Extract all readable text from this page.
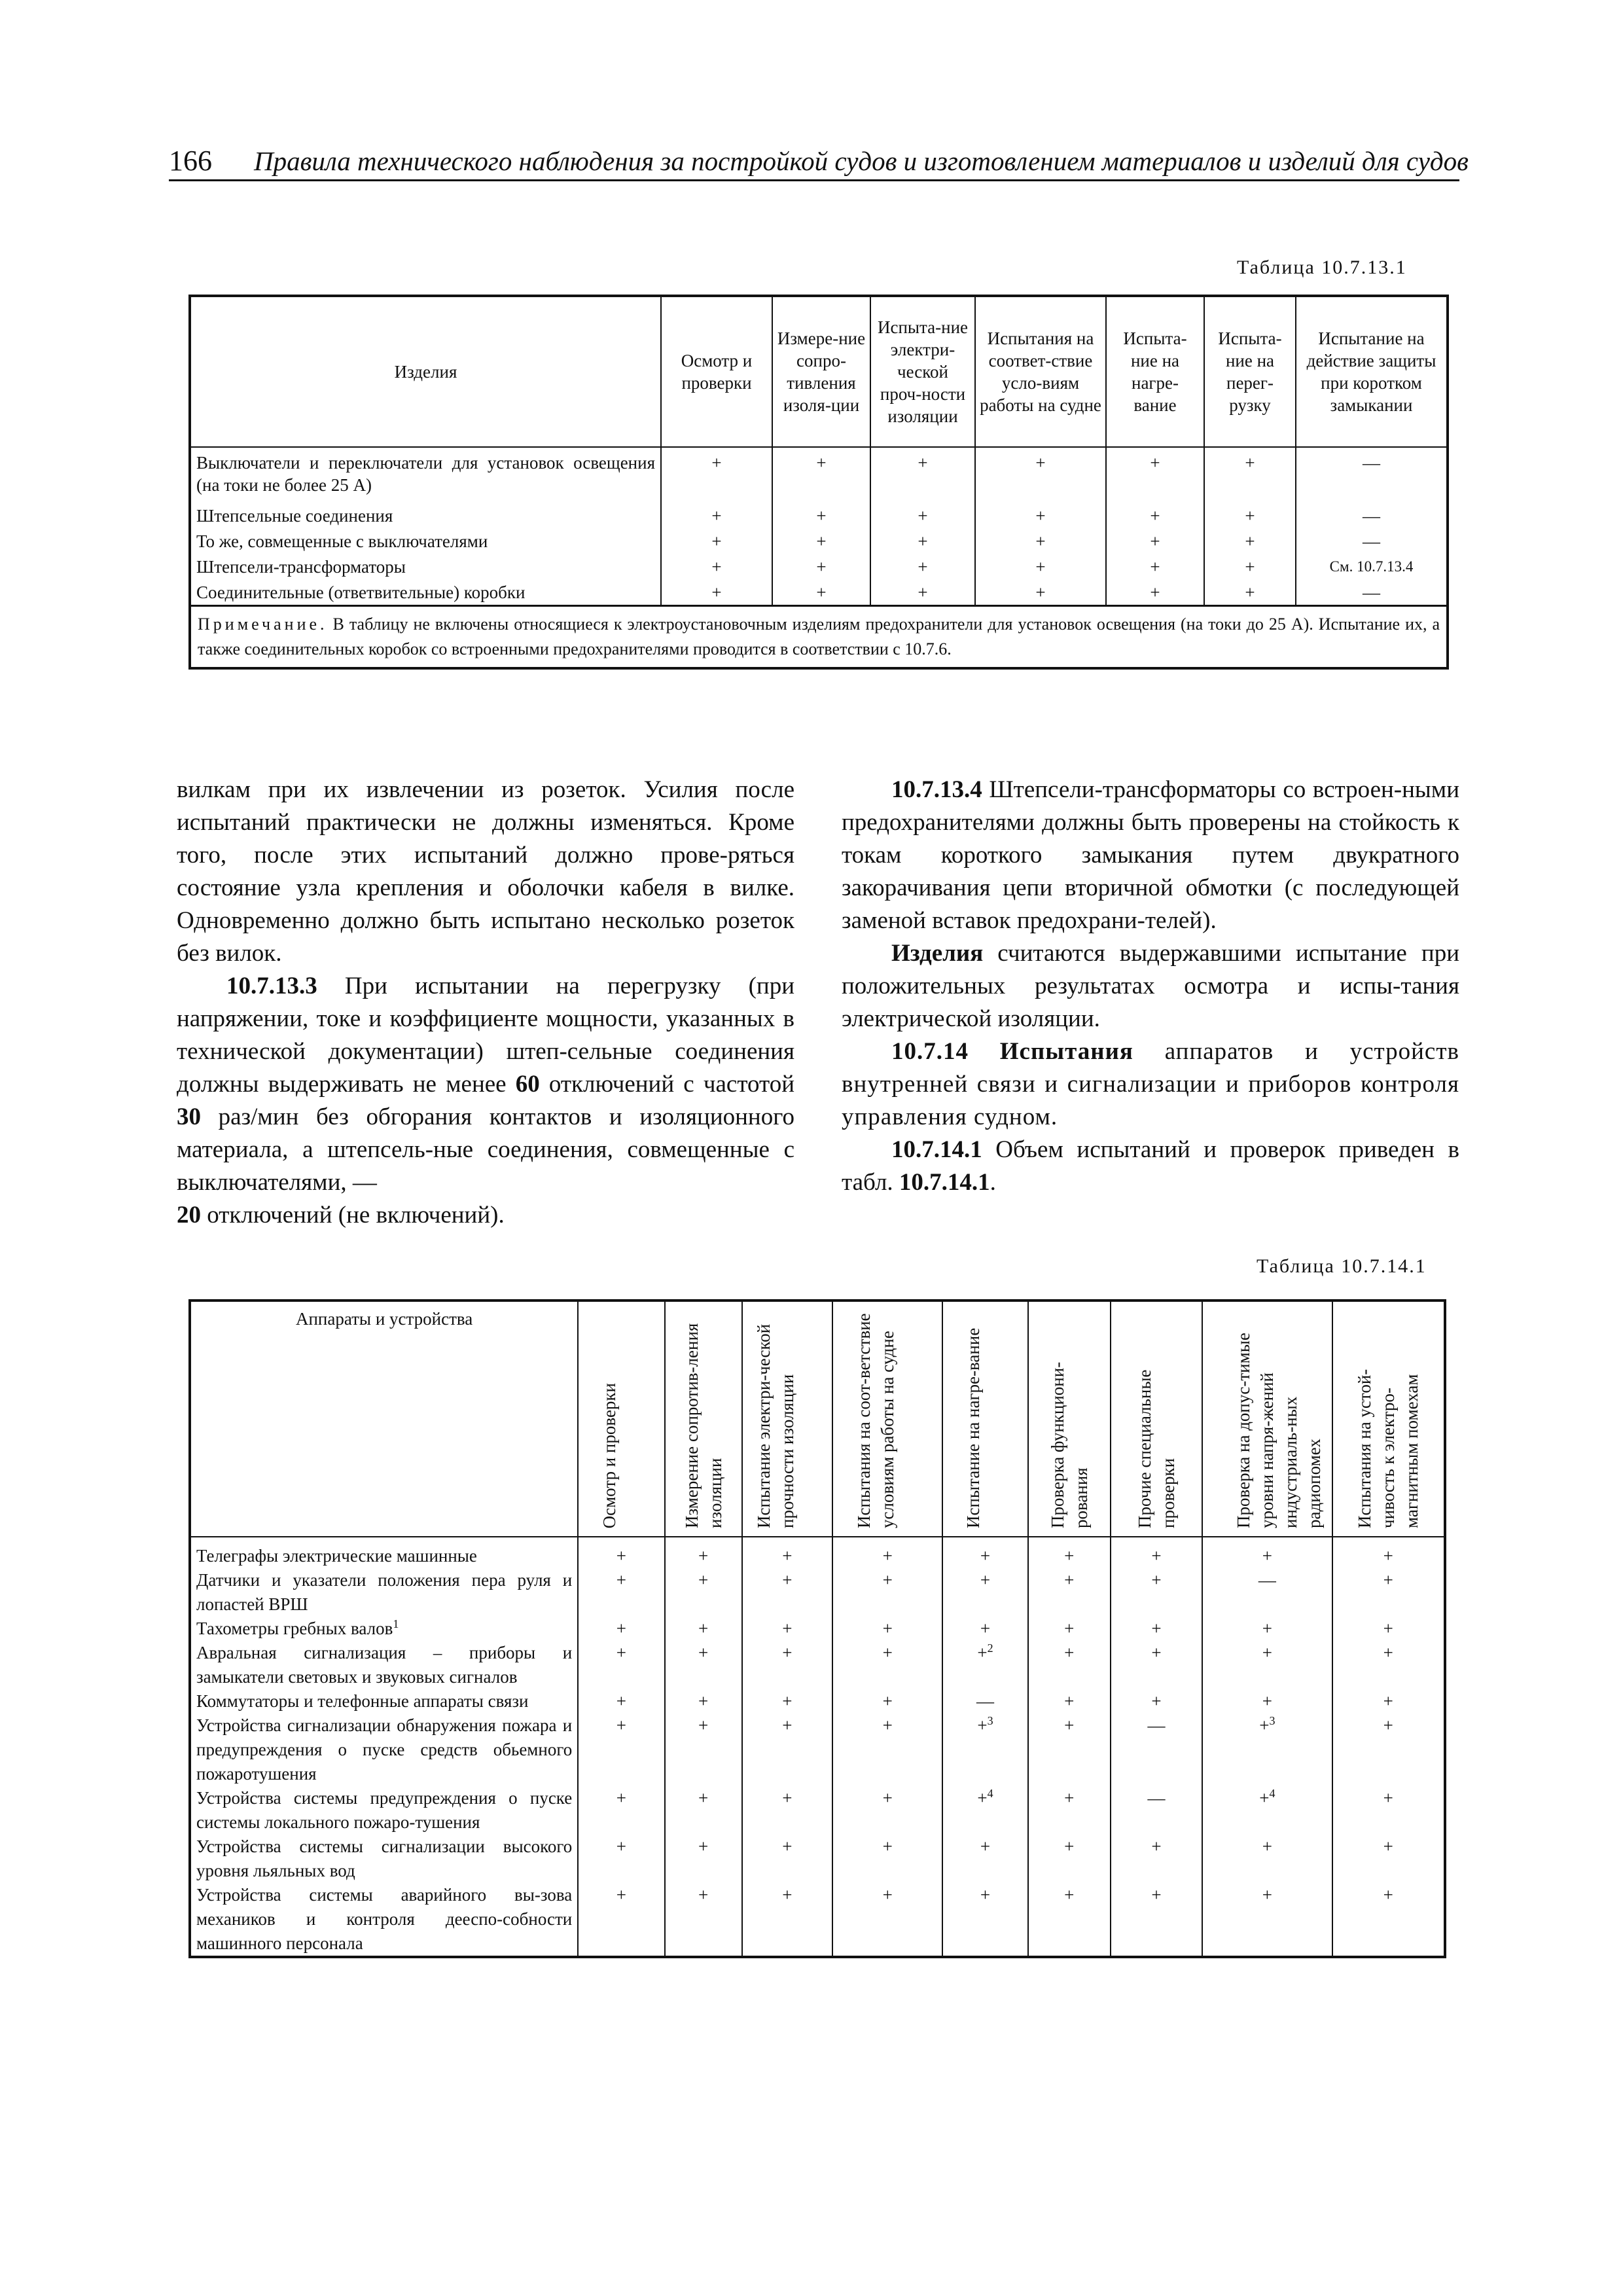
166 Правила технического наблюдения за постройкой судов и изготовлением материалов и изделий для судов
Таблица 10.7.13.1
Изделия	Осмотр и проверки	Измере-ние сопро-тивления изоля-ции	Испыта-ние электри-ческой проч-ности изоляции	Испытания на соответ-ствие усло-виям работы на судне	Испыта-ние на нагре-вание	Испыта-ние на перег-рузку	Испытание на действие защиты при коротком замыкании
Выключатели и переключатели для установок освещения (на токи не более 25 А)	+	+	+	+	+	+	—
Штепсельные соединения	+	+	+	+	+	+	—
То же, совмещенные с выключателями	+	+	+	+	+	+	—
Штепсели-трансформаторы	+	+	+	+	+	+	См. 10.7.13.4
Соединительные (ответвительные) коробки	+	+	+	+	+	+	—
Примечание. В таблицу не включены относящиеся к электроустановочным изделиям предохранители для установок освещения (на токи до 25 А). Испытание их, а также соединительных коробок со встроенными предохранителями проводится в соответствии с 10.7.6.							

вилкам при их извлечении из розеток. Усилия после испытаний практически не должны изменяться. Кроме того, после этих испытаний должно прове-ряться состояние узла крепления и оболочки кабеля в вилке. Одновременно должно быть испытано несколько розеток без вилок.

10.7.13.3 При испытании на перегрузку (при напряжении, токе и коэффициенте мощности, указанных в технической документации) штеп-сельные соединения должны выдерживать не менее 60 отключений с частотой 30 раз/мин без обгорания контактов и изоляционного материала, а штепсель-ные соединения, совмещенные с выключателями, —
20 отключений (не включений).

10.7.13.4 Штепсели-трансформаторы со встроен-ными предохранителями должны быть проверены на стойкость к токам короткого замыкания путем двукратного закорачивания цепи вторичной обмотки (с последующей заменой вставок предохрани-телей).

Изделия считаются выдержавшими испытание при положительных результатах осмотра и испы-тания электрической изоляции.

10.7.14 Испытания аппаратов и устройств внутренней связи и сигнализации и приборов контроля управления судном.

10.7.14.1 Объем испытаний и проверок приведен в табл. 10.7.14.1.

Таблица 10.7.14.1
Аппараты и устройства	Осмотр и проверки	Измерение сопротив-ления изоляции	Испытание электри-ческой прочности изоляции	Испытания на соот-ветствие условиям работы на судне	Испытание на нагре-вание	Проверка функциони-рования	Прочие специальные проверки	Проверка на допус-тимые уровни напря-жений индустриаль-ных радиопомех	Испытания на устой-чивость к электро-магнитным помехам

Телеграфы электрические машинные	+	+	+	+	+	+	+	+	+
Датчики и указатели положения пера руля и лопастей ВРШ	+	+	+	+	+	+	+	—	+
Тахометры гребных валов$^1$	+	+	+	+	+	+	+	+	+
Авральная сигнализация – приборы и замыкатели световых и звуковых сигналов	+	+	+	+	+$^2$	+	+	+	+
Коммутаторы и телефонные аппараты связи	+	+	+	+	—	+	+	+	+
Устройства сигнализации обнаружения пожара и предупреждения о пуске средств обьемного пожаротушения	+	+	+	+	+$^3$	+	—	+$^3$	+
Устройства системы предупреждения о пуске системы локального пожаро-тушения	+	+	+	+	+$^4$	+	—	+$^4$	+
Устройства системы сигнализации высокого уровня льяльных вод	+	+	+	+	+	+	+	+	+
Устройства системы аварийного вы-зова механиков и контроля дееспо-собности машинного персонала	+	+	+	+	+	+	+	+	+
